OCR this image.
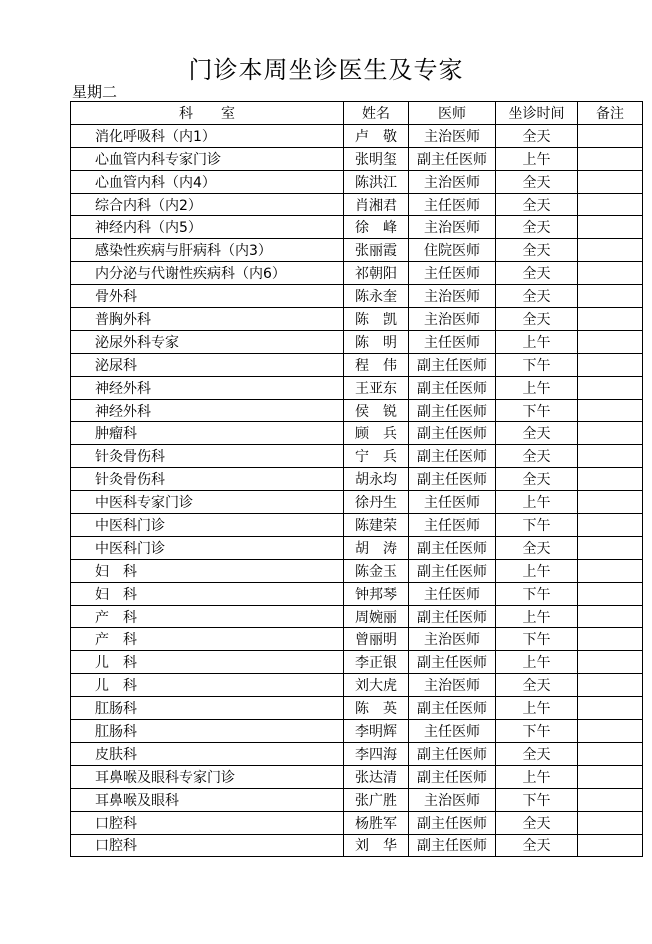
门诊本周坐诊医生及专家
星期二
科　　室	姓名	医师	坐诊时间	备注
消化呼吸科（内1）	卢　敬	主治医师	全天	
心血管内科专家门诊	张明玺	副主任医师	上午	
心血管内科（内4）	陈洪江	主治医师	全天	
综合内科（内2）	肖湘君	主任医师	全天	
神经内科（内5）	徐　峰	主治医师	全天	
感染性疾病与肝病科（内3）	张丽霞	住院医师	全天	
内分泌与代谢性疾病科（内6）	祁朝阳	主任医师	全天	
骨外科	陈永奎	主治医师	全天	
普胸外科	陈　凯	主治医师	全天	
泌尿外科专家	陈　明	主任医师	上午	
泌尿科	程　伟	副主任医师	下午	
神经外科	王亚东	副主任医师	上午	
神经外科	侯　锐	副主任医师	下午	
肿瘤科	顾　兵	副主任医师	全天	
针灸骨伤科	宁　兵	副主任医师	全天	
针灸骨伤科	胡永均	副主任医师	全天	
中医科专家门诊	徐丹生	主任医师	上午	
中医科门诊	陈建荣	主任医师	下午	
中医科门诊	胡　涛	副主任医师	全天	
妇　科	陈金玉	副主任医师	上午	
妇　科	钟邦琴	主任医师	下午	
产　科	周婉丽	副主任医师	上午	
产　科	曾丽明	主治医师	下午	
儿　科	李正银	副主任医师	上午	
儿　科	刘大虎	主治医师	全天	
肛肠科	陈　英	副主任医师	上午	
肛肠科	李明辉	主任医师	下午	
皮肤科	李四海	副主任医师	全天	
耳鼻喉及眼科专家门诊	张达清	副主任医师	上午	
耳鼻喉及眼科	张广胜	主治医师	下午	
口腔科	杨胜军	副主任医师	全天	
口腔科	刘　华	副主任医师	全天	
